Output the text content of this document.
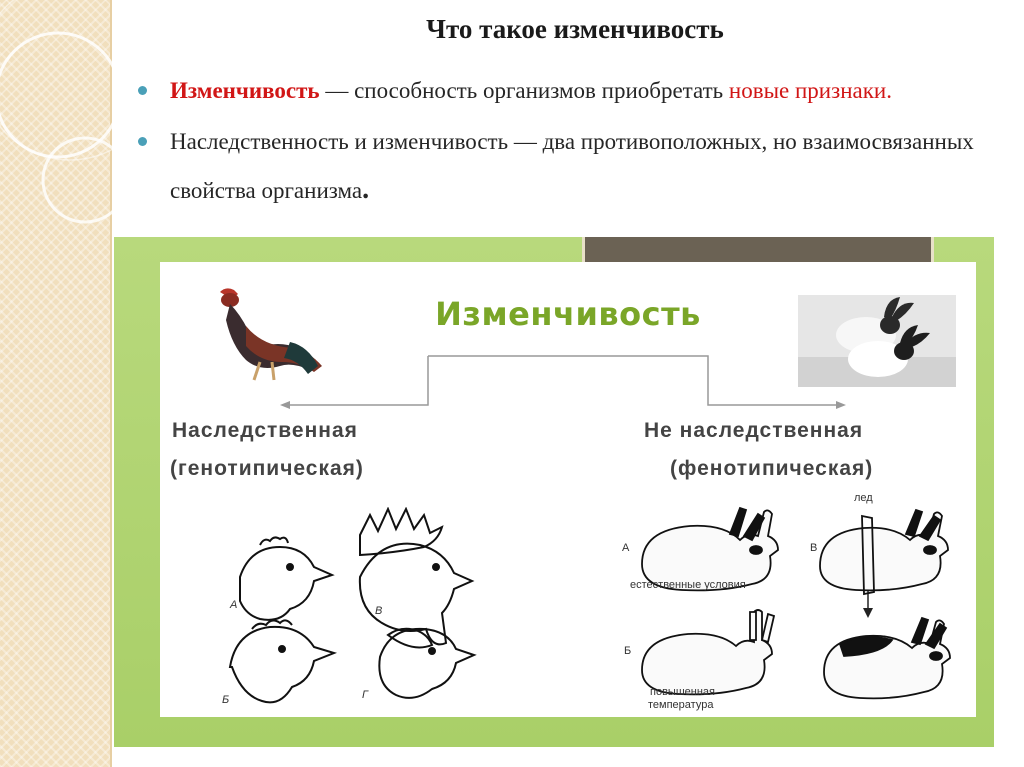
Что такое изменчивость
Изменчивость — способность организмов приобретать новые признаки.
Наследственность и изменчивость — два противоположных, но взаимосвязанных свойства организма.
Изменчивость
Наследственная
(генотипическая)
Не наследственная
(фенотипическая)
А	В
Б	Г
А	В
Б
естественные условия
лед
повышенная
температура
